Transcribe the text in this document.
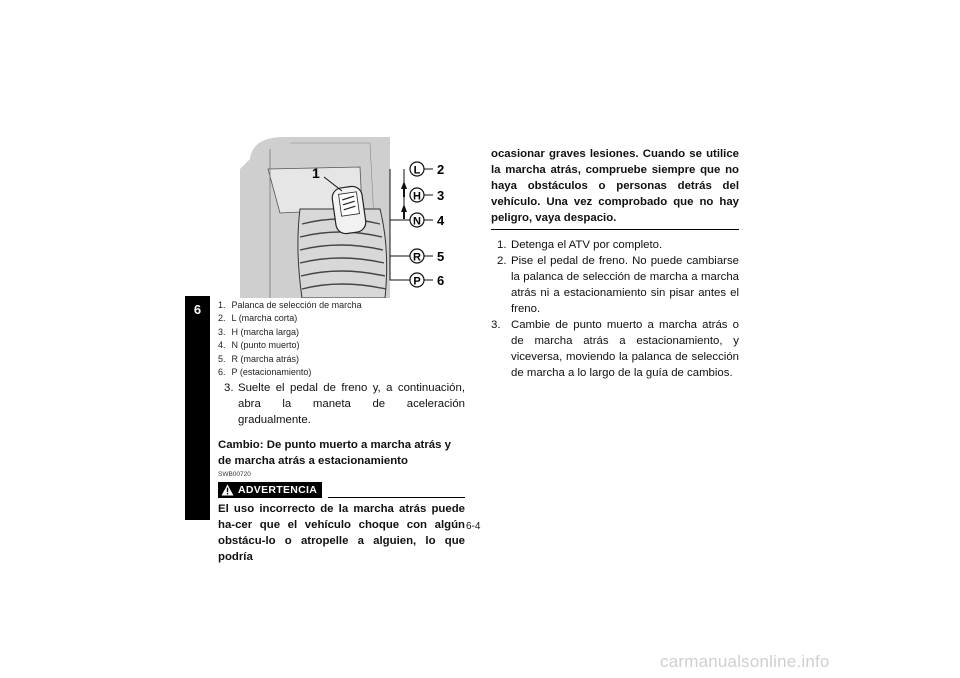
6
1	L
H
N
R
P
2
3
4
5
6
1. Palanca de selección de marcha
2. L (marcha corta)
3. H (marcha larga)
4. N (punto muerto)
5. R (marcha atrás)
6. P (estacionamiento)
3. Suelte el pedal de freno y, a continuación, abra la maneta de aceleración gradualmente.
Cambio: De punto muerto a marcha atrás y de marcha atrás a estacionamiento
SWB00720
ADVERTENCIA
El uso incorrecto de la marcha atrás puede ha-cer que el vehículo choque con algún obstácu-lo o atropelle a alguien, lo que podría
ocasionar graves lesiones. Cuando se utilice la marcha atrás, compruebe siempre que no haya obstáculos o personas detrás del vehículo. Una vez comprobado que no hay peligro, vaya despacio.
1. Detenga el ATV por completo.
2. Pise el pedal de freno. No puede cambiarse la palanca de selección de marcha a marcha atrás ni a estacionamiento sin pisar antes el freno.
3. Cambie de punto muerto a marcha atrás o de marcha atrás a estacionamiento, y viceversa, moviendo la palanca de selección de marcha a lo largo de la guía de cambios.
6-4
carmanualsonline.info
